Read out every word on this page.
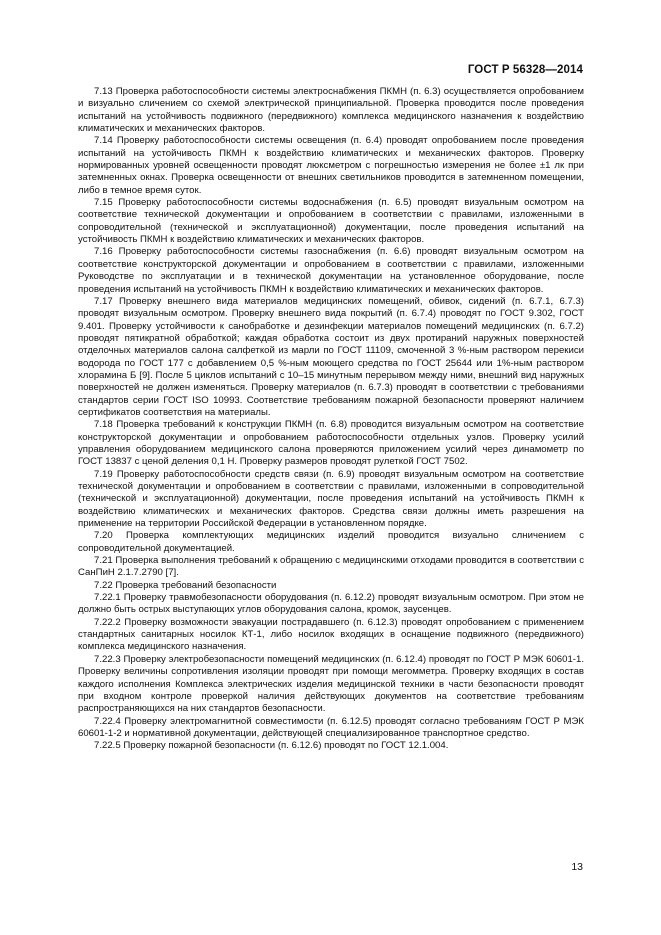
ГОСТ Р 56328—2014

7.13 Проверка работоспособности системы электроснабжения ПКМН (п. 6.3) осуществляется опробованием и визуально сличением со схемой электрической принципиальной. Проверка проводится после проведения испытаний на устойчивость подвижного (передвижного) комплекса медицинского назначения к воздействию климатических и механических факторов.

7.14 Проверку работоспособности системы освещения (п. 6.4) проводят опробованием после проведения испытаний на устойчивость ПКМН к воздействию климатических и механических факторов. Проверку нормированных уровней освещенности проводят люксметром с погрешностью измерения не более ±1 лк при затемненных окнах. Проверка освещенности от внешних светильников проводится в затемненном помещении, либо в темное время суток.

7.15 Проверку работоспособности системы водоснабжения (п. 6.5) проводят визуальным осмотром на соответствие технической документации и опробованием в соответствии с правилами, изложенными в сопроводительной (технической и эксплуатационной) документации, после проведения испытаний на устойчивость ПКМН к воздействию климатических и механических факторов.

7.16 Проверку работоспособности системы газоснабжения (п. 6.6) проводят визуальным осмотром на соответствие конструкторской документации и опробованием в соответствии с правилами, изложенными Руководстве по эксплуатации и в технической документации на установленное оборудование, после проведения испытаний на устойчивость ПКМН к воздействию климатических и механических факторов.

7.17 Проверку внешнего вида материалов медицинских помещений, обивок, сидений (п. 6.7.1, 6.7.3) проводят визуальным осмотром. Проверку внешнего вида покрытий (п. 6.7.4) проводят по ГОСТ 9.302, ГОСТ 9.401. Проверку устойчивости к санобработке и дезинфекции материалов помещений медицинских (п. 6.7.2) проводят пятикратной обработкой; каждая обработка состоит из двух протираний наружных поверхностей отделочных материалов салона салфеткой из марли по ГОСТ 11109, смоченной 3 %-ным раствором перекиси водорода по ГОСТ 177 с добавлением 0,5 %-ным моющего средства по ГОСТ 25644 или 1%-ным раствором хлорамина Б [9]. После 5 циклов испытаний с 10–15 минутным перерывом между ними, внешний вид наружных поверхностей не должен изменяться. Проверку материалов (п. 6.7.3) проводят в соответствии с требованиями стандартов серии ГОСТ ISO 10993. Соответствие требованиям пожарной безопасности проверяют наличием сертификатов соответствия на материалы.

7.18 Проверка требований к конструкции ПКМН (п. 6.8) проводится визуальным осмотром на соответствие конструкторской документации и опробованием работоспособности отдельных узлов. Проверку усилий управления оборудованием медицинского салона проверяются приложением усилий через динамометр по ГОСТ 13837 с ценой деления 0,1 Н. Проверку размеров проводят рулеткой ГОСТ 7502.

7.19 Проверку работоспособности средств связи (п. 6.9) проводят визуальным осмотром на соответствие технической документации и опробованием в соответствии с правилами, изложенными в сопроводительной (технической и эксплуатационной) документации, после проведения испытаний на устойчивость ПКМН к воздействию климатических и механических факторов. Средства связи должны иметь разрешения на применение на территории Российской Федерации в установленном порядке.

7.20 Проверка комплектующих медицинских изделий проводится визуально слничением с сопроводительной документацией.

7.21 Проверка выполнения требований к обращению с медицинскими отходами проводится в соответствии с СанПиН 2.1.7.2790 [7].

7.22 Проверка требований безопасности

7.22.1 Проверку травмобезопасности оборудования (п. 6.12.2) проводят визуальным осмотром. При этом не должно быть острых выступающих углов оборудования салона, кромок, заусенцев.

7.22.2 Проверку возможности эвакуации пострадавшего (п. 6.12.3) проводят опробованием с применением стандартных санитарных носилок КТ-1, либо носилок входящих в оснащение подвижного (передвижного) комплекса медицинского назначения.

7.22.3 Проверку электробезопасности помещений медицинских (п. 6.12.4) проводят по ГОСТ Р МЭК 60601-1. Проверку величины сопротивления изоляции проводят при помощи мегомметра. Проверку входящих в состав каждого исполнения Комплекса электрических изделия медицинской техники в части безопасности проводят при входном контроле проверкой наличия действующих документов на соответствие требованиям распространяющихся на них стандартов безопасности.

7.22.4 Проверку электромагнитной совместимости (п. 6.12.5) проводят согласно требованиям ГОСТ Р МЭК 60601-1-2 и нормативной документации, действующей специализированное транспортное средство.

7.22.5 Проверку пожарной безопасности (п. 6.12.6) проводят по ГОСТ 12.1.004.

13
